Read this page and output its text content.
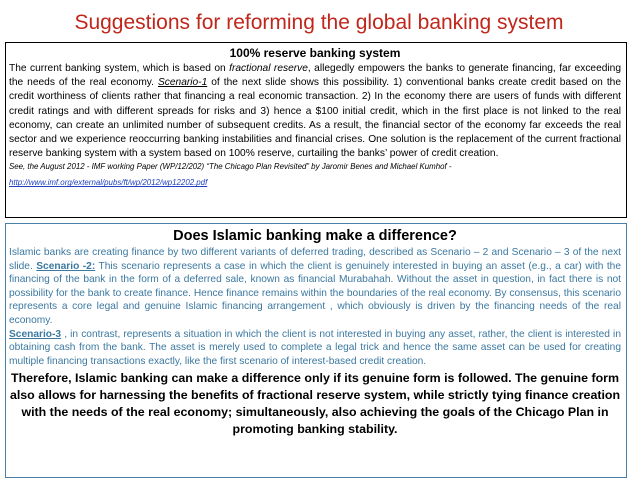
Suggestions for reforming the global banking system
100% reserve banking system
The current banking system, which is based on fractional reserve, allegedly empowers the banks to generate financing, far exceeding the needs of the real economy. Scenario-1 of the next slide shows this possibility. 1) conventional banks create credit based on the credit worthiness of clients rather that financing a real economic transaction. 2) In the economy there are users of funds with different credit ratings and with different spreads for risks and 3) hence a $100 initial credit, which in the first place is not linked to the real economy, can create an unlimited number of subsequent credits. As a result, the financial sector of the economy far exceeds the real sector and we experience reoccurring banking instabilities and financial crises. One solution is the replacement of the current fractional reserve banking system with a system based on 100% reserve, curtailing the banks’ power of credit creation.
See, the August 2012 - IMF working Paper (WP/12/202) “The Chicago Plan Revisited” by Jaromir Benes and Michael Kumhof -
http://www.imf.org/external/pubs/ft/wp/2012/wp12202.pdf
Does Islamic banking make a difference?
Islamic banks are creating finance by two different variants of deferred trading, described as Scenario – 2 and Scenario – 3 of the next slide. Scenario -2: This scenario represents a case in which the client is genuinely interested in buying an asset (e.g., a car) with the financing of the bank in the form of a deferred sale, known as financial Murabahah. Without the asset in question, in fact there is not possibility for the bank to create finance. Hence finance remains within the boundaries of the real economy. By consensus, this scenario represents a core legal and genuine Islamic financing arrangement , which obviously is driven by the financing needs of the real economy.
Scenario-3 , in contrast, represents a situation in which the client is not interested in buying any asset, rather, the client is interested in obtaining cash from the bank. The asset is merely used to complete a legal trick and hence the same asset can be used for creating multiple financing transactions exactly, like the first scenario of interest-based credit creation.
Therefore, Islamic banking can make a difference only if its genuine form is followed. The genuine form also allows for harnessing the benefits of fractional reserve system, while strictly tying finance creation with the needs of the real economy; simultaneously, also achieving the goals of the Chicago Plan in promoting banking stability.
